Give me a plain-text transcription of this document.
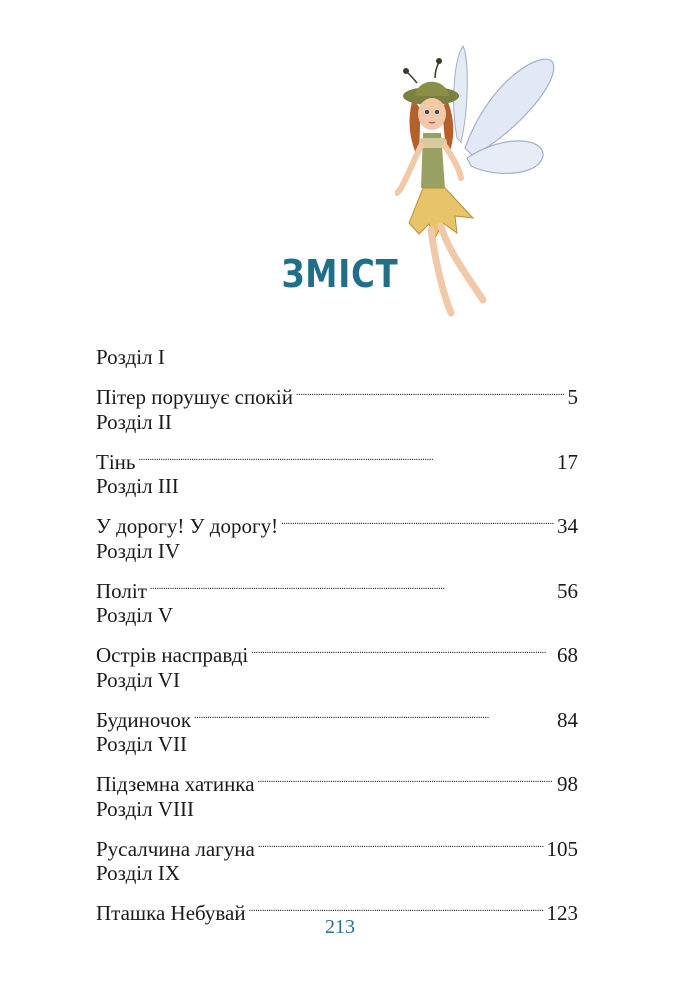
ЗМІСТ
Розділ I
Пітер порушує спокій . . .	5
Розділ II
Тінь . . .	17
Розділ III
У дорогу! У дорогу! . . .	34
Розділ IV
Політ . . .	56
Розділ V
Острів насправді . . .	68
Розділ VI
Будиночок . . .	84
Розділ VII
Підземна хатинка . . .	98
Розділ VIII
Русалчина лагуна . . .	105
Розділ IX
Пташка Небувай . . .	123
213
